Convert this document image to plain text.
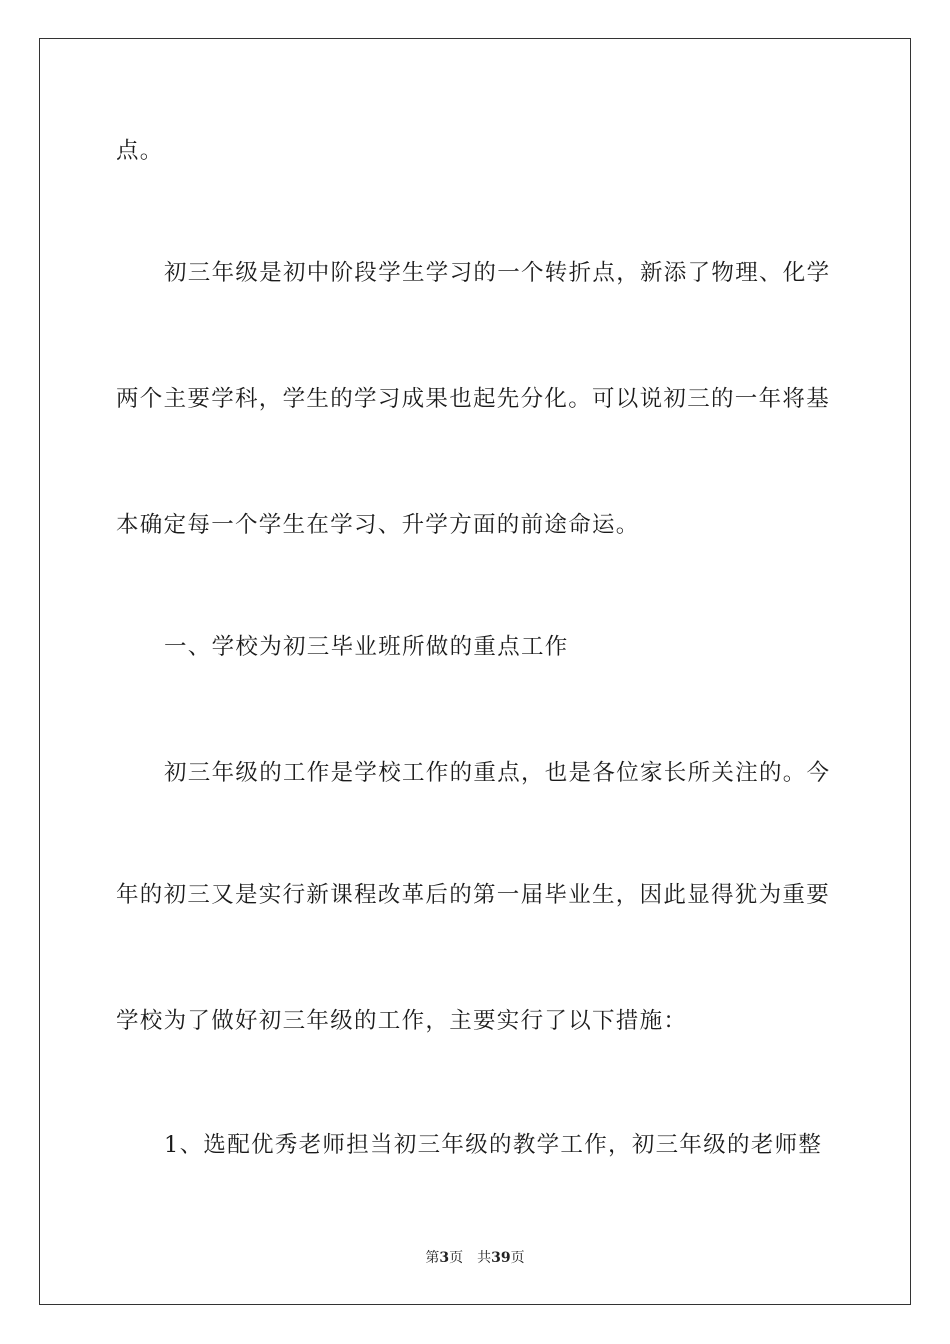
点。
初三年级是初中阶段学生学习的一个转折点，新添了物理、化学
两个主要学科，学生的学习成果也起先分化。可以说初三的一年将基
本确定每一个学生在学习、升学方面的前途命运。
一、学校为初三毕业班所做的重点工作
初三年级的工作是学校工作的重点，也是各位家长所关注的。今
年的初三又是实行新课程改革后的第一届毕业生，因此显得犹为重要
学校为了做好初三年级的工作，主要实行了以下措施：
1、选配优秀老师担当初三年级的教学工作，初三年级的老师整
第3页 共39页
